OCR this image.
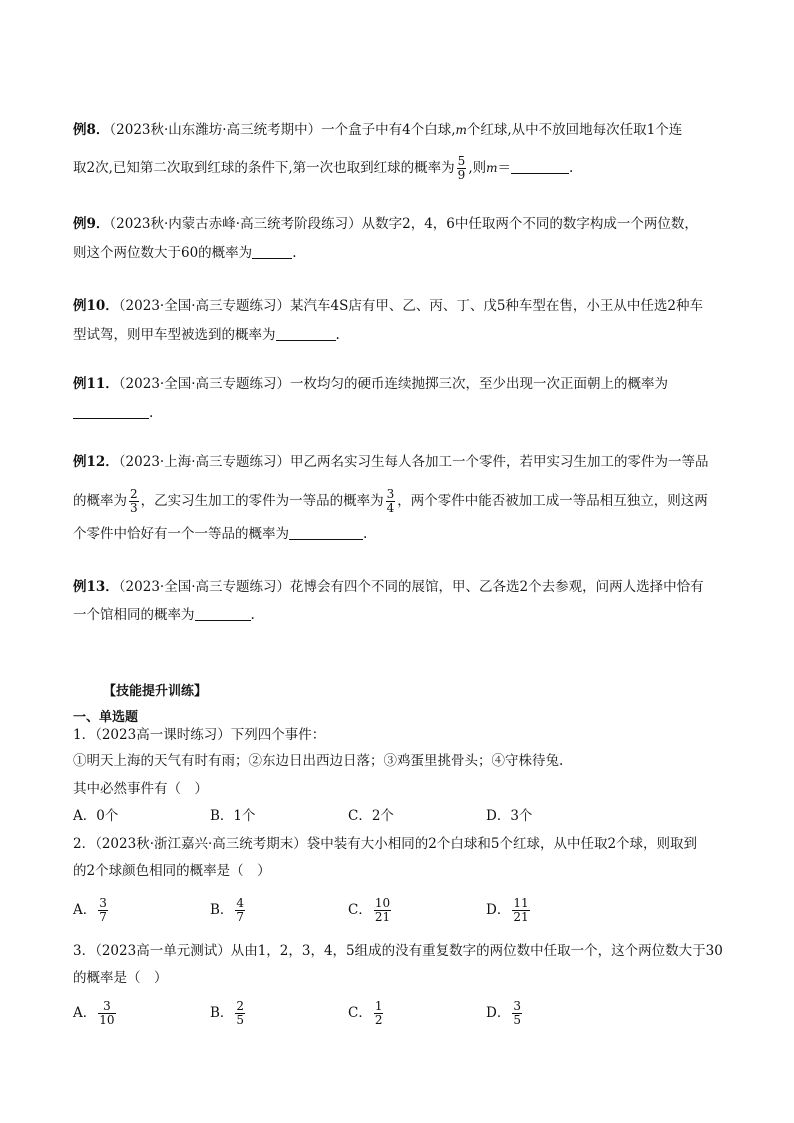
例8．（2023秋·山东潍坊·高三统考期中）一个盒子中有4个白球,m个红球,从中不放回地每次任取1个连
取2次,已知第二次取到红球的条件下,第一次也取到红球的概率为 $\frac{5}{9}$ ,则m＝	.
例9．（2023秋·内蒙古赤峰·高三统考阶段练习）从数字2，4，6中任取两个不同的数字构成一个两位数，
则这个两位数大于60的概率为	.
例10．（2023·全国·高三专题练习）某汽车4S店有甲、乙、丙、丁、戊5种车型在售，小王从中任选2种车
型试驾，则甲车型被选到的概率为	.
例11．（2023·全国·高三专题练习）一枚均匀的硬币连续抛掷三次，至少出现一次正面朝上的概率为
.
例12．（2023·上海·高三专题练习）甲乙两名实习生每人各加工一个零件，若甲实习生加工的零件为一等品
的概率为 $\frac{2}{3}$ ，乙实习生加工的零件为一等品的概率为 $\frac{3}{4}$ ，两个零件中能否被加工成一等品相互独立，则这两
个零件中恰好有一个一等品的概率为	.
例13．（2023·全国·高三专题练习）花博会有四个不同的展馆，甲、乙各选2个去参观，问两人选择中恰有
一个馆相同的概率为	.
【技能提升训练】
一、单选题
1．（2023高一课时练习）下列四个事件：
①明天上海的天气有时有雨；②东边日出西边日落；③鸡蛋里挑骨头；④守株待兔.
其中必然事件有（　）
A．0个	B．1个	C．2个	D．3个
2．（2023秋·浙江嘉兴·高三统考期末）袋中装有大小相同的2个白球和5个红球，从中任取2个球，则取到
的2个球颜色相同的概率是（　）
A． $\frac{3}{7}$	B． $\frac{4}{7}$	C． $\frac{10}{21}$	D． $\frac{11}{21}$
3．（2023高一单元测试）从由1，2，3，4，5组成的没有重复数字的两位数中任取一个，这个两位数大于30
的概率是（　）
A． $\frac{3}{10}$	B． $\frac{2}{5}$	C． $\frac{1}{2}$	D． $\frac{3}{5}$
